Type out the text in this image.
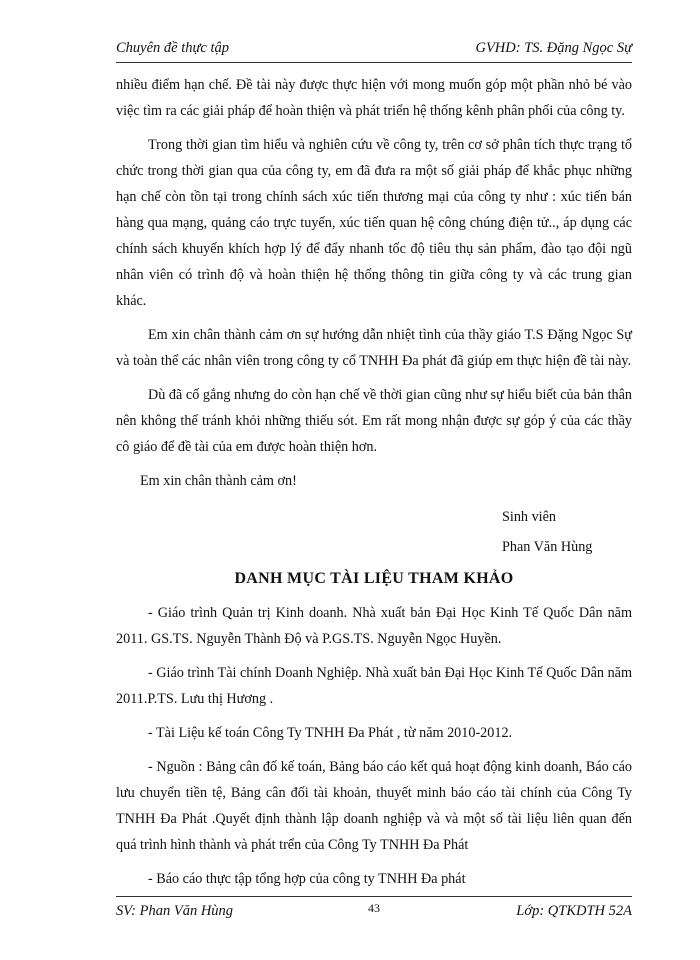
Chuyên đề thực tập	GVHD: TS. Đặng Ngọc Sự

nhiều điểm hạn chế. Đề tài này được thực hiện với mong muốn góp một phần nhỏ bé vào việc tìm ra các giải pháp để hoàn thiện và phát triển hệ thống kênh phân phối của công ty.

Trong thời gian tìm hiểu và nghiên cứu về công ty, trên cơ sở phân tích thực trạng tổ chức trong thời gian qua của công ty, em đã đưa ra một số giải pháp để khắc phục những hạn chế còn tồn tại trong chính sách xúc tiến thương mại của công ty như : xúc tiến bán hàng qua mạng, quảng cáo trực tuyến, xúc tiến quan hệ công chúng điện tử.., áp dụng các chính sách khuyến khích hợp lý để đẩy nhanh tốc độ tiêu thụ sản phẩm, đào tạo đội ngũ nhân viên có trình độ và hoàn thiện hệ thống thông tin giữa công ty và các trung gian khác.

Em xin chân thành cảm ơn sự hướng dẫn nhiệt tình của thầy giáo T.S Đặng Ngọc Sự và toàn thể các nhân viên trong công ty cổ TNHH Đa phát đã giúp em thực hiện đề tài này.

Dù đã cố gắng nhưng do còn hạn chế về thời gian cũng như sự hiểu biết của bản thân nên không thể tránh khỏi những thiếu sót. Em rất mong nhận được sự góp ý của các thầy cô giáo để đề tài của em được hoàn thiện hơn.

Em xin chân thành cảm ơn!

Sinh viên

Phan Văn Hùng

DANH MỤC TÀI LIỆU THAM KHẢO

- Giáo trình Quản trị Kinh doanh. Nhà xuất bản Đại Học Kinh Tế Quốc Dân năm 2011. GS.TS. Nguyễn Thành Độ và P.GS.TS. Nguyễn Ngọc Huyền.

- Giáo trình Tài chính Doanh Nghiệp. Nhà xuất bản Đại Học Kinh Tế Quốc Dân năm 2011.P.TS. Lưu thị Hương .

- Tài Liệu kế toán Công Ty TNHH Đa Phát , từ năm 2010-2012.

- Nguồn : Bảng cân đố kế toán, Bảng báo cáo kết quả hoạt động kinh doanh, Báo cáo lưu chuyển tiền tệ, Bảng cân đối tài khoản, thuyết minh báo cáo tài chính của Công Ty TNHH Đa Phát .Quyết định thành lập doanh nghiệp và và một số tài liệu liên quan đến quá trình hình thành và phát trển của Công Ty TNHH Đa Phát

- Báo cáo thực tập tổng hợp của công ty TNHH Đa phát

SV: Phan Văn Hùng	43	Lớp: QTKDTH 52A
